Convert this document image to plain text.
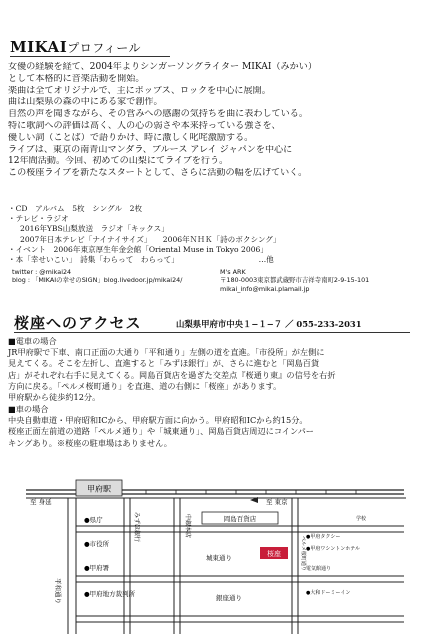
MIKAIプロフィール
女優の経験を経て、2004年よりシンガーソングライター MIKAI（みかい）
として本格的に音楽活動を開始。
楽曲は全てオリジナルで、主にポップス、ロックを中心に展開。
曲は山梨県の森の中にある家で創作。
自然の声を聞きながら、その営みへの感謝の気持ちを曲に表わしている。
特に歌詞への評価は高く、人の心の弱さや本来持っている強さを、
優しい詞（ことば）で語りかけ、時に激しく叱咤激励する。
ライブは、東京の南青山マンダラ、ブルース アレイ ジャパンを中心に
12年間活動。今回、初めての山梨にてライブを行う。
この桜座ライブを新たなスタートとして、さらに活動の幅を広げていく。
・CD　アルバム　5枚　シングル　2枚
・テレビ・ラジオ
2016年YBS山梨放送　ラジオ「キックス」
2007年日本テレビ「ナイナイサイズ」　　2006年ＮＨＫ「詩のボクシング」
・イベント　2006年東京厚生年金会館「Oriental Muse in Tokyo 2006」
・本「幸せいこい」　詩集「わらって　わらって」　　　　　　　　　　　…他
twitter : @mikai24
blog : 「MIKAIの幸せのSIGN」blog.livedoor.jp/mikai24/
M's ARK
〒180-0003東京都武蔵野市吉祥寺南町2-9-15-101
mikai_info@mikai.plamail.jp
桜座へのアクセス	山梨県甲府市中央１−１−７ ／ 055-233-2031
■電車の場合
JR甲府駅で下車、南口正面の大通り「平和通り」左側の道を直進。「市役所」が左側に
見えてくる。そこを左折し、直進すると「みずほ銀行」が、さらに進むと「岡島百貨
店」がそれぞれ右手に見えてくる。岡島百貨店を過ぎた交差点『桜通り東』の信号を右折
方向に戻る。「ペルメ桜町通り」を直進、道の右側に「桜座」があります。
甲府駅から徒歩約12分。
■車の場合
中央自動車道・甲府昭和ICから、甲府駅方面に向かう。甲府昭和ICから約15分。
桜座正面左前道の道路「ペルメ通り」や「城東通り」、岡島百貨店周辺にコインパー
キングあり。※桜座の駐車場はありません。
甲府駅
至 身延	至 東京
平和通り
みずほ銀行	中銀本店
城東通り
銀座通り
ペルメ桜町通り 電気館通り
岡島百貨店
●県庁
●市役所
●甲府署
●甲府地方裁判所
桜座
●甲府タクシー
●甲府ワシントンホテル
●大和ドーミーイン
学校
